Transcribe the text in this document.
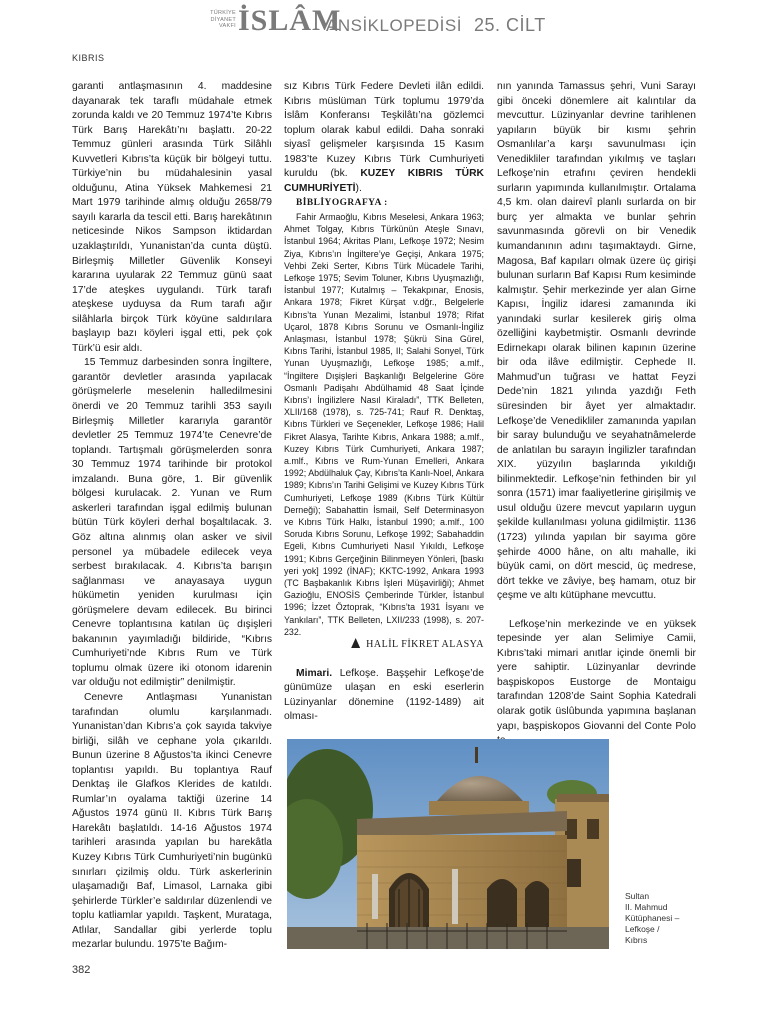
TÜRKİYE
DİYANET
VAKFI İSLÂM
ANSİKLOPEDİSİ 25. CİLT
KIBRIS

garanti antlaşmasının 4. maddesine dayanarak tek taraflı müdahale etmek zorunda kaldı ve 20 Temmuz 1974’te Kıbrıs Türk Barış Harekâtı’nı başlattı. 20-22 Temmuz günleri arasında Türk Silâhlı Kuvvetleri Kıbrıs’ta küçük bir bölgeyi tuttu. Türkiye’nin bu müdahalesinin yasal olduğunu, Atina Yüksek Mahkemesi 21 Mart 1979 tarihinde almış olduğu 2658/79 sayılı kararla da tescil etti. Barış harekâtının neticesinde Nikos Sampson iktidardan uzaklaştırıldı, Yunanistan’da cunta düştü. Birleşmiş Milletler Güvenlik Konseyi kararına uyularak 22 Temmuz günü saat 17’de ateşkes uygulandı. Türk tarafı ateşkese uyduysa da Rum tarafı ağır silâhlarla birçok Türk köyüne saldırılara başlayıp bazı köyleri işgal etti, pek çok Türk’ü esir aldı.

15 Temmuz darbesinden sonra İngiltere, garantör devletler arasında yapılacak görüşmelerle meselenin halledilmesini önerdi ve 20 Temmuz tarihli 353 sayılı Birleşmiş Milletler kararıyla garantör devletler 25 Temmuz 1974’te Cenevre’de toplandı. Tartışmalı görüşmelerden sonra 30 Temmuz 1974 tarihinde bir protokol imzalandı. Buna göre, 1. Bir güvenlik bölgesi kurulacak. 2. Yunan ve Rum askerleri tarafından işgal edilmiş bulunan bütün Türk köyleri derhal boşaltılacak. 3. Göz altına alınmış olan asker ve sivil personel ya mübadele edilecek veya serbest bırakılacak. 4. Kıbrıs’ta barışın sağlanması ve anayasaya uygun hükümetin yeniden kurulması için görüşmelere devam edilecek. Bu birinci Cenevre toplantısına katılan üç dışişleri bakanının yayımladığı bildiride, “Kıbrıs Cumhuriyeti’nde Kıbrıs Rum ve Türk toplumu olmak üzere iki otonom idarenin var olduğu not edilmiştir” denilmiştir.

Cenevre Antlaşması Yunanistan tarafından olumlu karşılanmadı. Yunanistan’dan Kıbrıs’a çok sayıda takviye birliği, silâh ve cephane yola çıkarıldı. Bunun üzerine 8 Ağustos’ta ikinci Cenevre toplantısı yapıldı. Bu toplantıya Rauf Denktaş ile Glafkos Klerides de katıldı. Rumlar’ın oyalama taktiği üzerine 14 Ağustos 1974 günü II. Kıbrıs Türk Barış Harekâtı başlatıldı. 14-16 Ağustos 1974 tarihleri arasında yapılan bu harekâtla Kuzey Kıbrıs Türk Cumhuriyeti’nin bugünkü sınırları çizilmiş oldu. Türk askerlerinin ulaşamadığı Baf, Limasol, Larnaka gibi şehirlerde Türkler’e saldırılar düzenlendi ve toplu katliamlar yapıldı. Taşkent, Murataga, Atlılar, Sandallar gibi yerlerde toplu mezarlar bulundu. 1975’te Bağım-

sız Kıbrıs Türk Federe Devleti ilân edildi. Kıbrıs müslüman Türk toplumu 1979’da İslâm Konferansı Teşkilâtı’na gözlemci toplum olarak kabul edildi. Daha sonraki siyasî gelişmeler karşısında 15 Kasım 1983’te Kuzey Kıbrıs Türk Cumhuriyeti kuruldu (bk. KUZEY KIBRIS TÜRK CUMHURİYETİ).

BİBLİYOGRAFYA :

Fahir Armaoğlu, Kıbrıs Meselesi, Ankara 1963; Ahmet Tolgay, Kıbrıs Türkünün Ateşle Sınavı, İstanbul 1964; Akritas Planı, Lefkoşe 1972; Nesim Ziya, Kıbrıs’ın İngiltere’ye Geçişi, Ankara 1975; Vehbi Zeki Serter, Kıbrıs Türk Mücadele Tarihi, Lefkoşe 1975; Sevim Toluner, Kıbrıs Uyuşmazlığı, İstanbul 1977; Kutalmış – Tekakpınar, Enosis, Ankara 1978; Fikret Kürşat v.dğr., Belgelerle Kıbrıs’ta Yunan Mezalimi, İstanbul 1978; Rifat Uçarol, 1878 Kıbrıs Sorunu ve Osmanlı-İngiliz Anlaşması, İstanbul 1978; Şükrü Sina Gürel, Kıbrıs Tarihi, İstanbul 1985, II; Salahi Sonyel, Türk Yunan Uyuşmazlığı, Lefkoşe 1985; a.mlf., “İngiltere Dışişleri Başkanlığı Belgelerine Göre Osmanlı Padişahı Abdülhamid 48 Saat İçinde Kıbrıs’ı İngilizlere Nasıl Kiraladı”, TTK Belleten, XLII/168 (1978), s. 725-741; Rauf R. Denktaş, Kıbrıs Türkleri ve Seçenekler, Lefkoşe 1986; Halil Fikret Alasya, Tarihte Kıbrıs, Ankara 1988; a.mlf., Kuzey Kıbrıs Türk Cumhuriyeti, Ankara 1987; a.mlf., Kıbrıs ve Rum-Yunan Emelleri, Ankara 1992; Abdülhaluk Çay, Kıbrıs’ta Kanlı-Noel, Ankara 1989; Kıbrıs’ın Tarihi Gelişimi ve Kuzey Kıbrıs Türk Cumhuriyeti, Lefkoşe 1989 (Kıbrıs Türk Kültür Derneği); Sabahattin İsmail, Self Determinasyon ve Kıbrıs Türk Halkı, İstanbul 1990; a.mlf., 100 Soruda Kıbrıs Sorunu, Lefkoşe 1992; Sabahaddin Egeli, Kıbrıs Cumhuriyeti Nasıl Yıkıldı, Lefkoşe 1991; Kıbrıs Gerçeğinin Bilinmeyen Yönleri, [baskı yeri yok] 1992 (İNAF); KKTC-1992, Ankara 1993 (TC Başbakanlık Kıbrıs İşleri Müşavirliği); Ahmet Gazioğlu, ENOSİS Çemberinde Türkler, İstanbul 1996; İzzet Öztoprak, “Kıbrıs’ta 1931 İsyanı ve Yankıları”, TTK Belleten, LXII/233 (1998), s. 207-232.

HALİL FİKRET ALASYA

Mimari. Lefkoşe. Başşehir Lefkoşe’de günümüze ulaşan en eski eserlerin Lüzinyanlar dönemine (1192-1489) ait olması-

nın yanında Tamassus şehri, Vuni Sarayı gibi önceki dönemlere ait kalıntılar da mevcuttur. Lüzinyanlar devrine tarihlenen yapıların büyük bir kısmı şehrin Osmanlılar’a karşı savunulması için Venedikliler tarafından yıkılmış ve taşları Lefkoşe’nin etrafını çeviren hendekli surların yapımında kullanılmıştır. Ortalama 4,5 km. olan dairevî planlı surlarda on bir burç yer almakta ve bunlar şehrin savunmasında görevli on bir Venedik kumandanının adını taşımaktaydı. Girne, Magosa, Baf kapıları olmak üzere üç girişi bulunan surların Baf Kapısı Rum kesiminde kalmıştır. Şehir merkezinde yer alan Girne Kapısı, İngiliz idaresi zamanında iki yanındaki surlar kesilerek giriş olma özelliğini kaybetmiştir. Osmanlı devrinde Edirnekapı olarak bilinen kapının üzerine bir oda ilâve edilmiştir. Cephede II. Mahmud’un tuğrası ve hattat Feyzi Dede’nin 1821 yılında yazdığı Feth süresinden bir âyet yer almaktadır. Lefkoşe’de Venedikliler zamanında yapılan bir saray bulunduğu ve seyahatnâmelerde de anlatılan bu sarayın İngilizler tarafından XIX. yüzyılın başlarında yıkıldığı bilinmektedir. Lefkoşe’nin fethinden bir yıl sonra (1571) imar faaliyetlerine girişilmiş ve usul olduğu üzere mevcut yapıların uygun şekilde kullanılması yoluna gidilmiştir. 1136 (1723) yılında yapılan bir sayıma göre şehirde 4000 hâne, on altı mahalle, iki büyük cami, on dört mescid, üç medrese, dört tekke ve zâviye, beş hamam, otuz bir çeşme ve altı kütüphane mevcuttu.

Lefkoşe’nin merkezinde ve en yüksek tepesinde yer alan Selimiye Camii, Kıbrıs’taki mimari anıtlar içinde önemli bir yere sahiptir. Lüzinyanlar devrinde başpiskopos Eustorge de Montaigu tarafından 1208’de Saint Sophia Katedrali olarak gotik üslûbunda yapımına başlanan yapı, başpiskopos Giovanni del Conte Polo

Sultan
II. Mahmud
Kütüphanesi –
Lefkoşe /
Kıbrıs
382
